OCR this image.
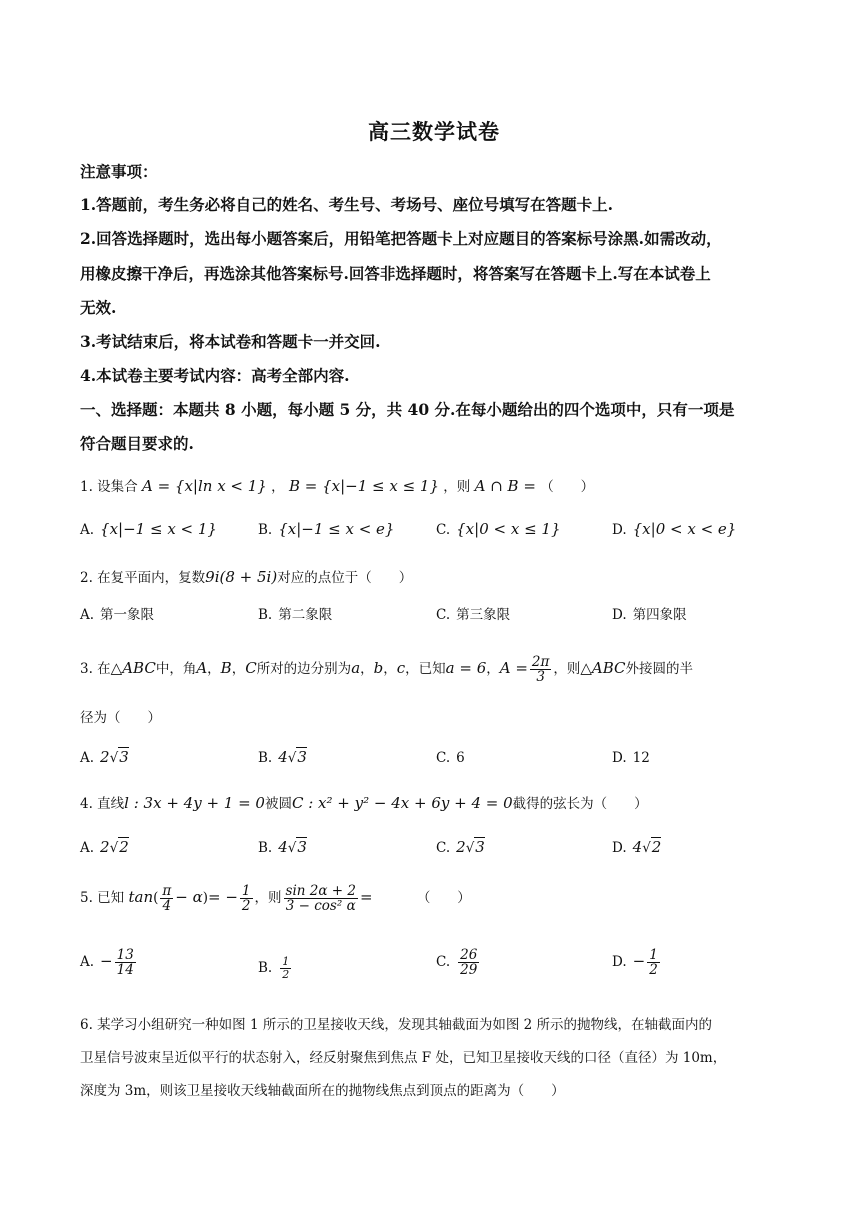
高三数学试卷
注意事项：
1.答题前，考生务必将自己的姓名、考生号、考场号、座位号填写在答题卡上.
2.回答选择题时，选出每小题答案后，用铅笔把答题卡上对应题目的答案标号涂黑.如需改动，
用橡皮擦干净后，再选涂其他答案标号.回答非选择题时，将答案写在答题卡上.写在本试卷上
无效.
3.考试结束后，将本试卷和答题卡一并交回.
4.本试卷主要考试内容：高考全部内容.
一、选择题：本题共 8 小题，每小题 5 分，共 40 分.在每小题给出的四个选项中，只有一项是
符合题目要求的.
1. 设集合 A = {x|ln x < 1} ， B = {x|−1 ≤ x ≤ 1} ，则 A ∩ B = （　　）
A. {x|−1 ≤ x < 1}	B. {x|−1 ≤ x < e}	C. {x|0 < x ≤ 1}	D. {x|0 < x < e}
2. 在复平面内，复数9i(8 + 5i)对应的点位于（　　）
A. 第一象限	B. 第二象限	C. 第三象限	D. 第四象限
3. 在△ABC中，角A，B，C所对的边分别为a，b，c，已知a = 6，$A = \frac{2\pi}{3}$ ，则△ABC外接圆的半
径为（　　）
A. 2√3	B. 4√3	C. 6	D. 12
4. 直线l : 3x + 4y + 1 = 0被圆C : x² + y² − 4x + 6y + 4 = 0截得的弦长为（　　）
A. 2√2	B. 4√3	C. 2√3	D. 4√2
5. 已知 $\tan( \frac{\pi}{4} - \alpha)= - \frac{1}{2}$ ，则 $\frac{\sin 2\alpha + 2}{\text{3 − cos² α}}$ =	（　　）
A. − $\frac{13}{14}$	B. $\frac{1}{2}$	C. $\frac{26}{29}$	D. − $\frac{1}{2}$
6. 某学习小组研究一种如图 1 所示的卫星接收天线，发现其轴截面为如图 2 所示的抛物线，在轴截面内的
卫星信号波束呈近似平行的状态射入，经反射聚焦到焦点 F 处，已知卫星接收天线的口径（直径）为 10m，
深度为 3m，则该卫星接收天线轴截面所在的抛物线焦点到顶点的距离为（　　）
